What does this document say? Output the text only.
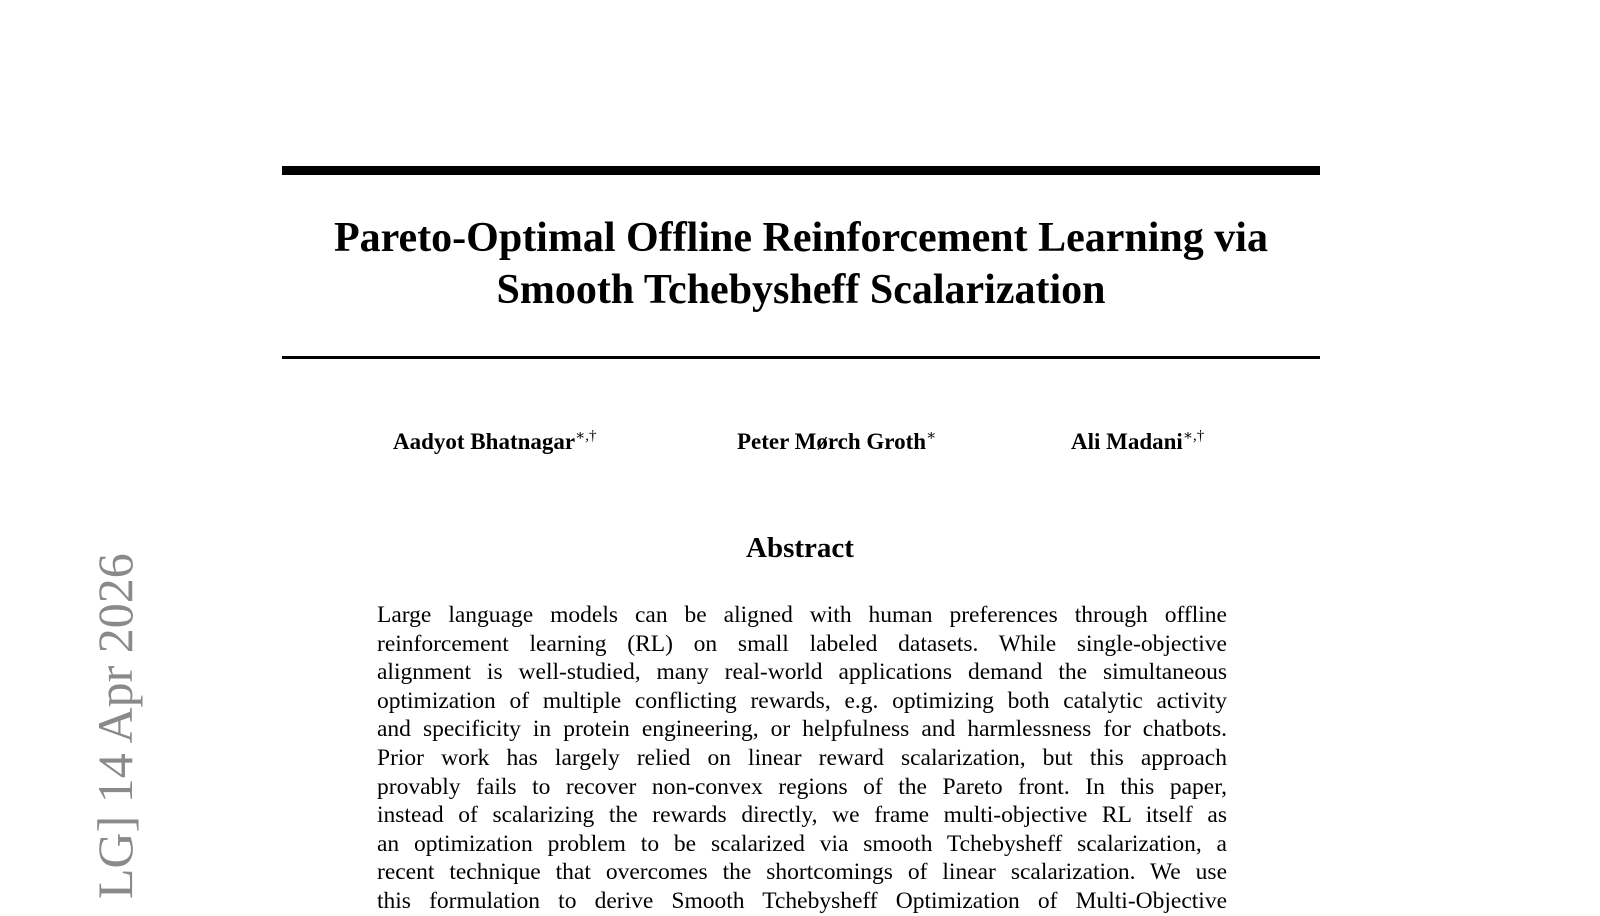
LG] 14 Apr 2026
Pareto-Optimal Offline Reinforcement Learning via
Smooth Tchebysheff Scalarization
Aadyot Bhatnagar∗,†	Peter Mørch Groth∗	Ali Madani∗,†
Abstract
Large language models can be aligned with human preferences through offline
reinforcement learning (RL) on small labeled datasets. While single-objective
alignment is well-studied, many real-world applications demand the simultaneous
optimization of multiple conflicting rewards, e.g. optimizing both catalytic activity
and specificity in protein engineering, or helpfulness and harmlessness for chatbots.
Prior work has largely relied on linear reward scalarization, but this approach
provably fails to recover non-convex regions of the Pareto front. In this paper,
instead of scalarizing the rewards directly, we frame multi-objective RL itself as
an optimization problem to be scalarized via smooth Tchebysheff scalarization, a
recent technique that overcomes the shortcomings of linear scalarization. We use
this formulation to derive Smooth Tchebysheff Optimization of Multi-Objective
